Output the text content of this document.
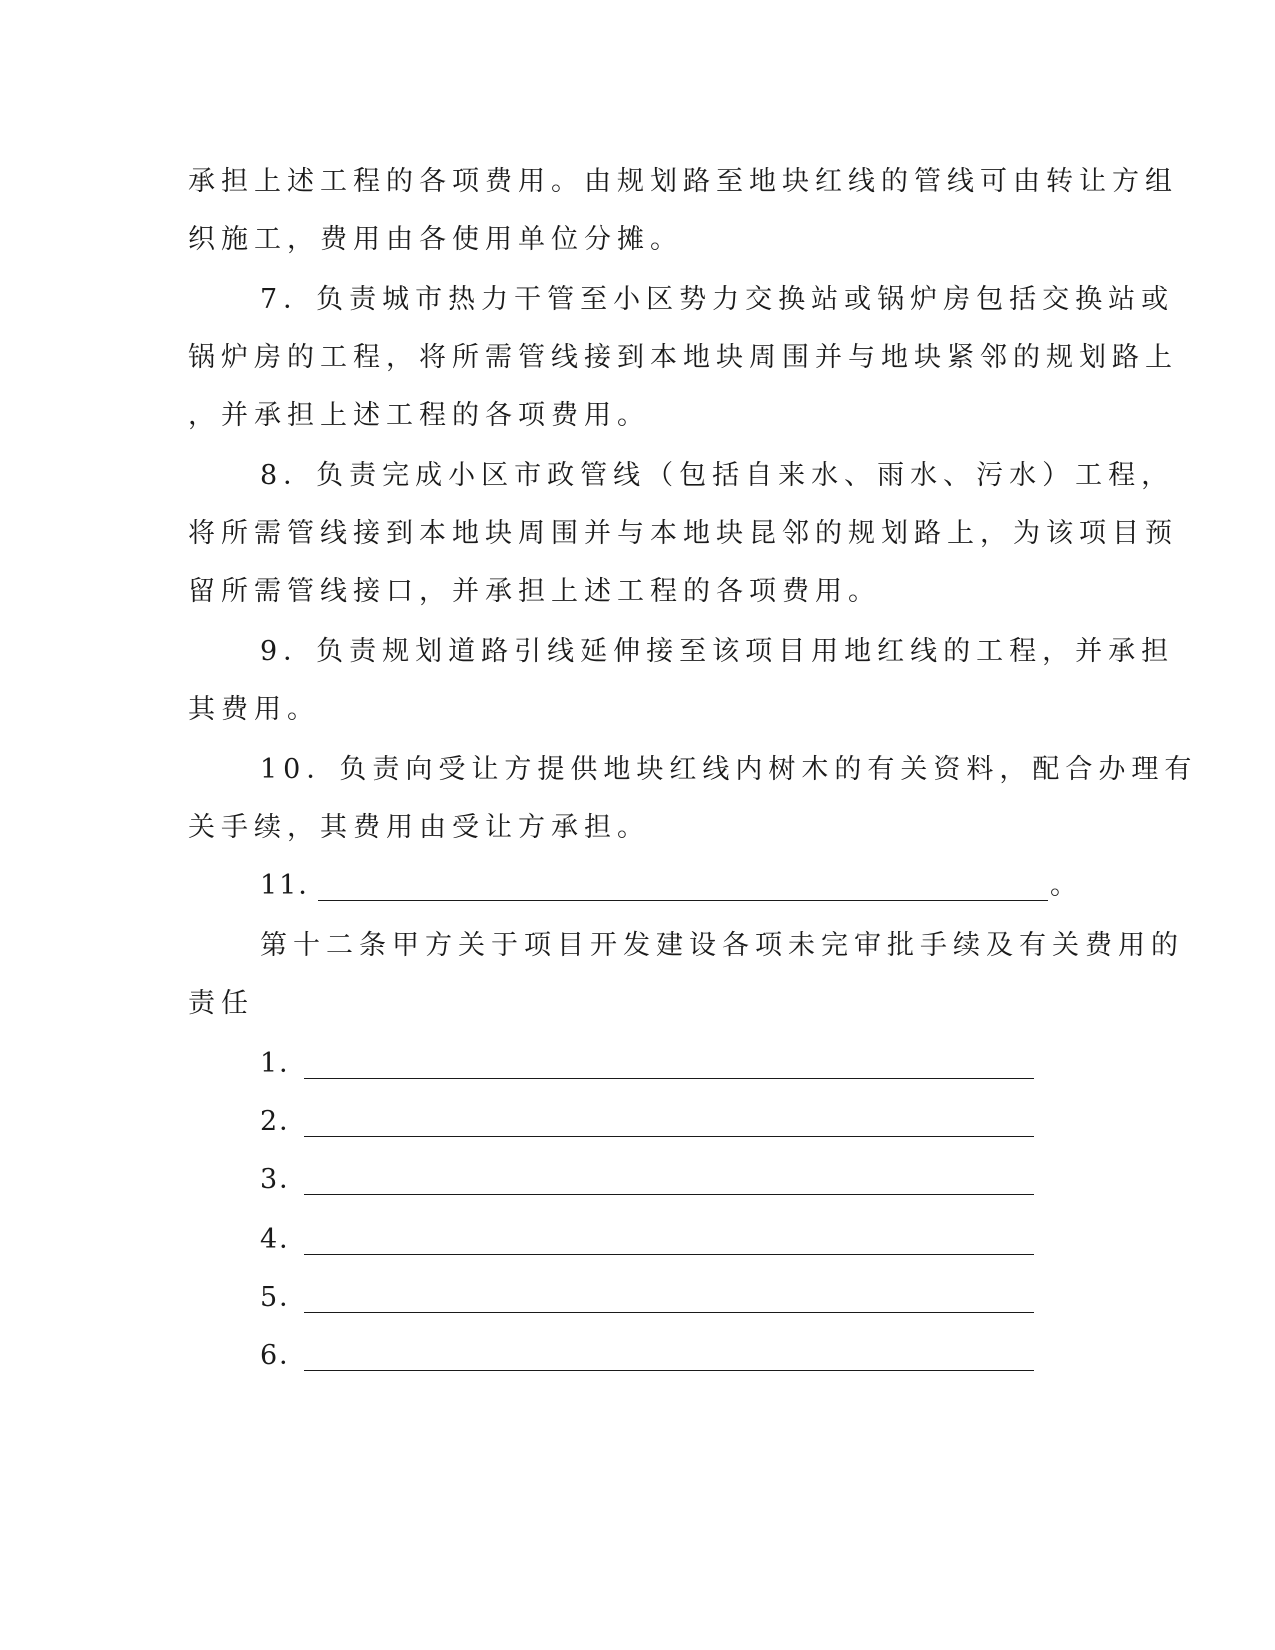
承担上述工程的各项费用。由规划路至地块红线的管线可由转让方组
织施工，费用由各使用单位分摊。
7．负责城市热力干管至小区势力交换站或锅炉房包括交换站或
锅炉房的工程，将所需管线接到本地块周围并与地块紧邻的规划路上
，并承担上述工程的各项费用。
8．负责完成小区市政管线（包括自来水、雨水、污水）工程，
将所需管线接到本地块周围并与本地块昆邻的规划路上，为该项目预
留所需管线接口，并承担上述工程的各项费用。
9．负责规划道路引线延伸接至该项目用地红线的工程，并承担
其费用。
10．负责向受让方提供地块红线内树木的有关资料，配合办理有
关手续，其费用由受让方承担。
11．	。
第十二条甲方关于项目开发建设各项未完审批手续及有关费用的
责任
1．
2．
3．
4．
5．
6．
